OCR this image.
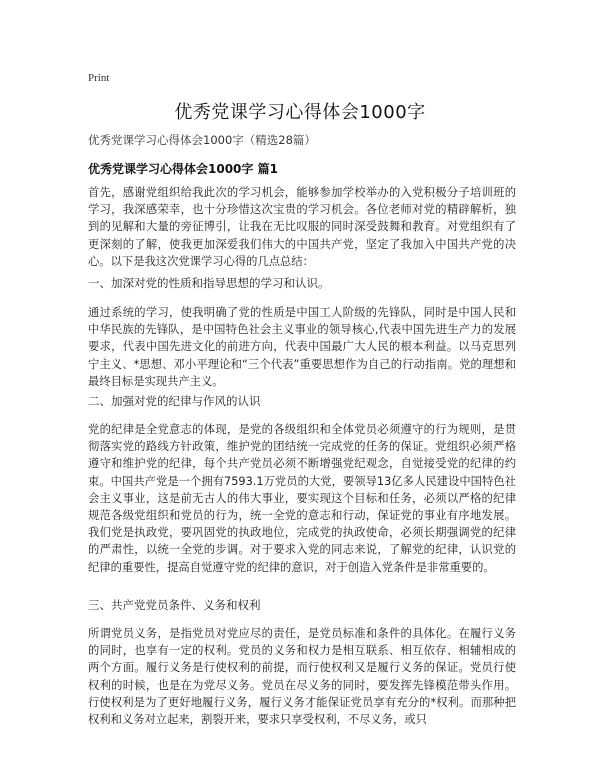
Print
优秀党课学习心得体会1000字
优秀党课学习心得体会1000字（精选28篇）
优秀党课学习心得体会1000字 篇1

首先，感谢党组织给我此次的学习机会，能够参加学校举办的入党积极分子培训班的学习，我深感荣幸，也十分珍惜这次宝贵的学习机会。各位老师对党的精辟解析，独到的见解和大量的旁征博引，让我在无比叹服的同时深受鼓舞和教育。对党组织有了更深刻的了解，使我更加深爱我们伟大的中国共产党，坚定了我加入中国共产党的决心。以下是我这次党课学习心得的几点总结：

一、加深对党的性质和指导思想的学习和认识。

通过系统的学习，使我明确了党的性质是中国工人阶级的先锋队，同时是中国人民和中华民族的先锋队，是中国特色社会主义事业的领导核心,代表中国先进生产力的发展要求，代表中国先进文化的前进方向，代表中国最广大人民的根本利益。以马克思列宁主义、*思想、邓小平理论和“三个代表”重要思想作为自己的行动指南。党的理想和最终目标是实现共产主义。

二、加强对党的纪律与作风的认识

党的纪律是全党意志的体现，是党的各级组织和全体党员必须遵守的行为规则，是贯彻落实党的路线方针政策，维护党的团结统一完成党的任务的保证。党组织必须严格遵守和维护党的纪律，每个共产党员必须不断增强党纪观念，自觉接受党的纪律的约束。中国共产党是一个拥有7593.1万党员的大党，要领导13亿多人民建设中国特色社会主义事业，这是前无古人的伟大事业，要实现这个目标和任务，必须以严格的纪律规范各级党组织和党员的行为，统一全党的意志和行动，保证党的事业有序地发展。我们党是执政党，要巩固党的执政地位，完成党的执政使命，必须长期强调党的纪律的严肃性，以统一全党的步调。对于要求入党的同志来说，了解党的纪律，认识党的纪律的重要性，提高自觉遵守党的纪律的意识，对于创造入党条件是非常重要的。

三、共产党党员条件、义务和权利

所谓党员义务，是指党员对党应尽的责任，是党员标准和条件的具体化。在履行义务的同时，也享有一定的权利。党员的义务和权力是相互联系、相互依存、相辅相成的两个方面。履行义务是行使权利的前提，而行使权利又是履行义务的保证。党员行使权利的时候，也是在为党尽义务。党员在尽义务的同时，要发挥先锋模范带头作用。行使权利是为了更好地履行义务，履行义务才能保证党员享有充分的*权利。而那种把权利和义务对立起来，割裂开来，要求只享受权利，不尽义务，或只
